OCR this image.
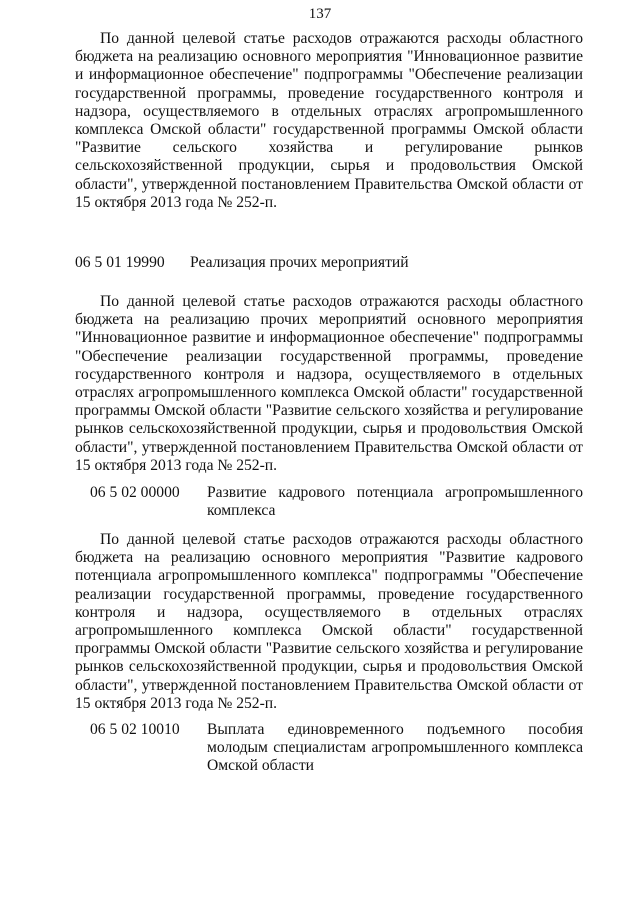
137

По данной целевой статье расходов отражаются расходы областного бюджета на реализацию основного мероприятия "Инновационное развитие и информационное обеспечение" подпрограммы "Обеспечение реализации государственной программы, проведение государственного контроля и надзора, осуществляемого в отдельных отраслях агропромышленного комплекса Омской области" государственной программы Омской области "Развитие сельского хозяйства и регулирование рынков сельскохозяйственной продукции, сырья и продовольствия Омской области", утвержденной постановлением Правительства Омской области от 15 октября 2013 года № 252-п.

06 5 01 19990 Реализация прочих мероприятий

По данной целевой статье расходов отражаются расходы областного бюджета на реализацию прочих мероприятий основного мероприятия "Инновационное развитие и информационное обеспечение" подпрограммы "Обеспечение реализации государственной программы, проведение государственного контроля и надзора, осуществляемого в отдельных отраслях агропромышленного комплекса Омской области" государственной программы Омской области "Развитие сельского хозяйства и регулирование рынков сельскохозяйственной продукции, сырья и продовольствия Омской области", утвержденной постановлением Правительства Омской области от 15 октября 2013 года № 252-п.

06 5 02 00000 Развитие кадрового потенциала агропромышленного комплекса

По данной целевой статье расходов отражаются расходы областного бюджета на реализацию основного мероприятия "Развитие кадрового потенциала агропромышленного комплекса" подпрограммы "Обеспечение реализации государственной программы, проведение государственного контроля и надзора, осуществляемого в отдельных отраслях агропромышленного комплекса Омской области" государственной программы Омской области "Развитие сельского хозяйства и регулирование рынков сельскохозяйственной продукции, сырья и продовольствия Омской области", утвержденной постановлением Правительства Омской области от 15 октября 2013 года № 252-п.

06 5 02 10010 Выплата единовременного подъемного пособия молодым специалистам агропромышленного комплекса Омской области
